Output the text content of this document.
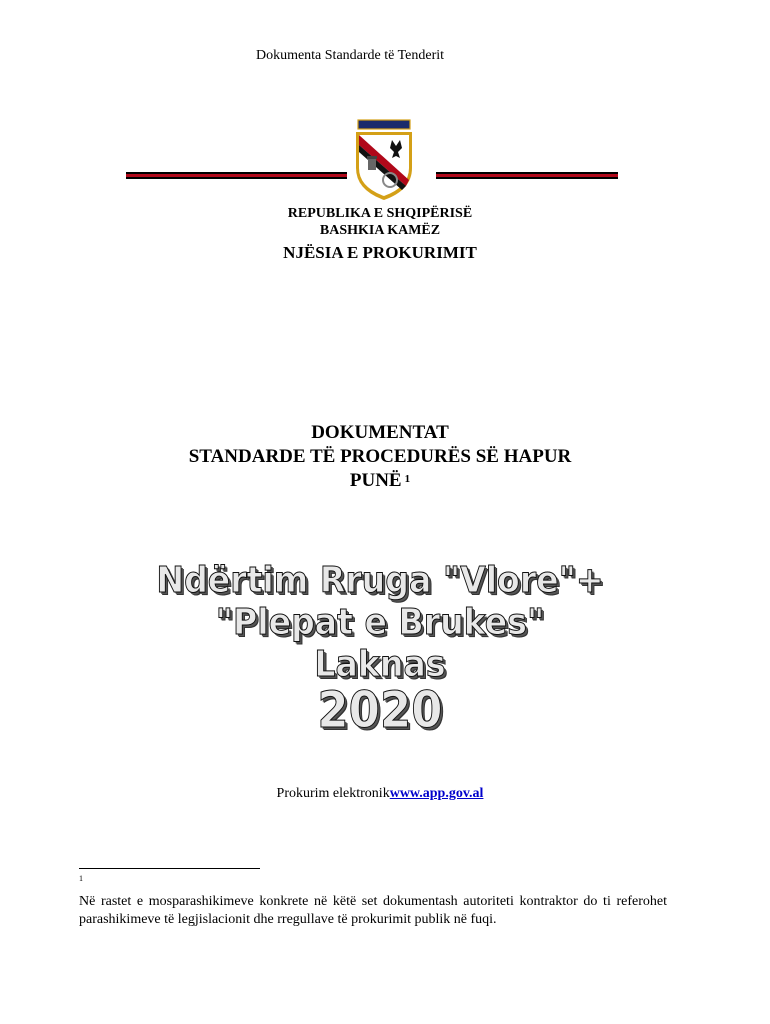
Dokumenta Standarde të Tenderit
REPUBLIKA E SHQIPËRISË
BASHKIA KAMËZ
NJËSIA E PROKURIMIT
DOKUMENTAT
STANDARDE TË PROCEDURËS SË HAPUR
PUNË $^1$
Ndërtim Rruga "Vlore"+ "Plepat e Brukes"
Laknas
2020
Prokurim elektronikwww.app.gov.al
1
Në rastet e mosparashikimeve konkrete në këtë set dokumentash autoriteti kontraktor do ti referohet parashikimeve të legjislacionit dhe rregullave të prokurimit publik në fuqi.
